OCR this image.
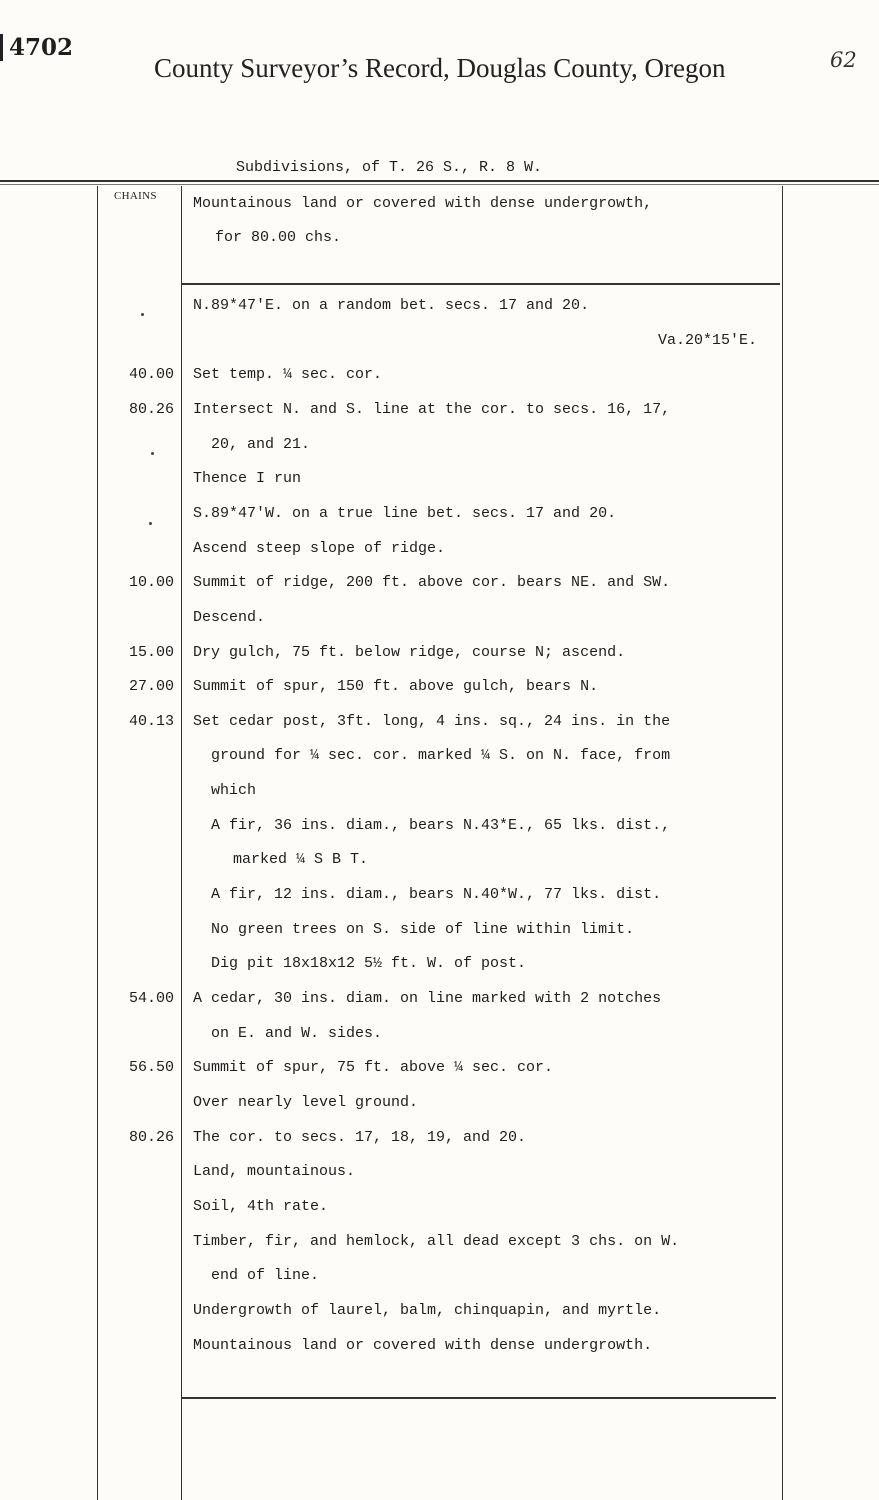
4702
County Surveyor’s Record, Douglas County, Oregon	62
Subdivisions, of T. 26 S., R. 8 W.
CHAINS Mountainous land or covered with dense undergrowth,
for 80.00 chs.
N.89*47'E. on a random bet. secs. 17 and 20.
Va.20*15'E.
40.00 Set temp. ¼ sec. cor.
80.26 Intersect N. and S. line at the cor. to secs. 16, 17,
20, and 21.
Thence I run
S.89*47'W. on a true line bet. secs. 17 and 20.
Ascend steep slope of ridge.
10.00 Summit of ridge, 200 ft. above cor. bears NE. and SW.
Descend.
15.00 Dry gulch, 75 ft. below ridge, course N; ascend.
27.00 Summit of spur, 150 ft. above gulch, bears N.
40.13 Set cedar post, 3ft. long, 4 ins. sq., 24 ins. in the
ground for ¼ sec. cor. marked ¼ S. on N. face, from
which
A fir, 36 ins. diam., bears N.43*E., 65 lks. dist.,
marked ¼ S B T.
A fir, 12 ins. diam., bears N.40*W., 77 lks. dist.
No green trees on S. side of line within limit.
Dig pit 18x18x12 5½ ft. W. of post.
54.00 A cedar, 30 ins. diam. on line marked with 2 notches
on E. and W. sides.
56.50 Summit of spur, 75 ft. above ¼ sec. cor.
Over nearly level ground.
80.26 The cor. to secs. 17, 18, 19, and 20.
Land, mountainous.
Soil, 4th rate.
Timber, fir, and hemlock, all dead except 3 chs. on W.
end of line.
Undergrowth of laurel, balm, chinquapin, and myrtle.
Mountainous land or covered with dense undergrowth.
